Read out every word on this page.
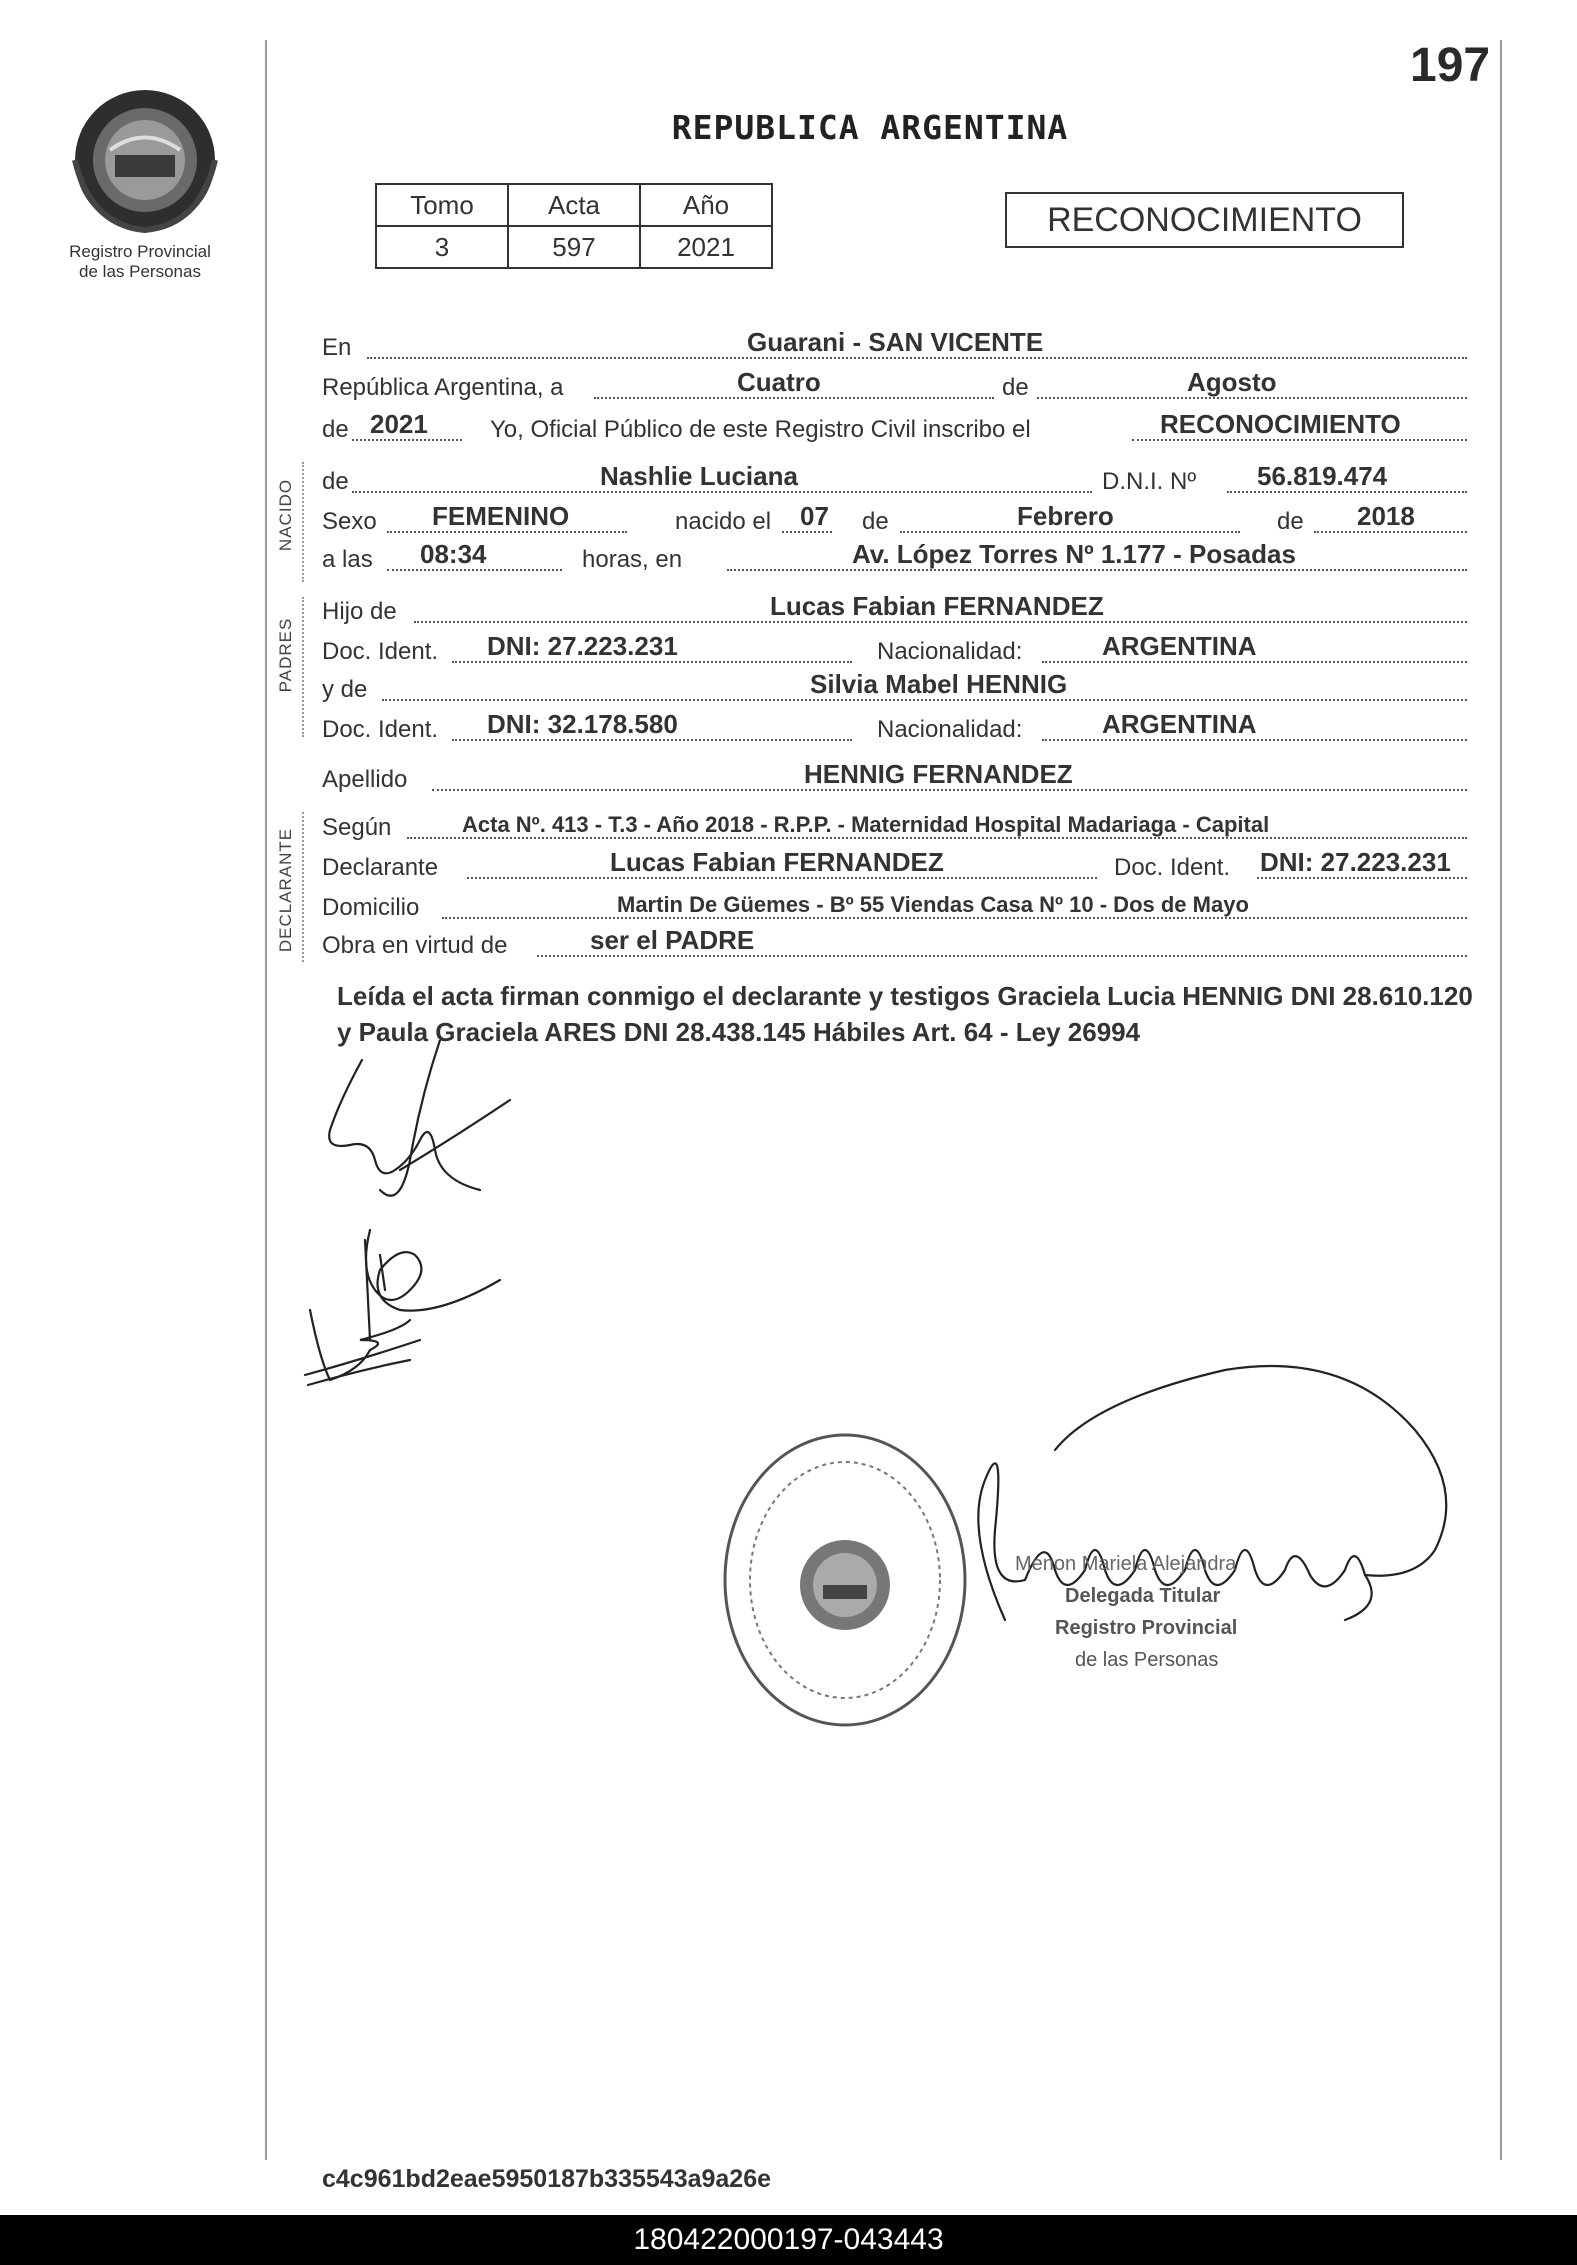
197
Registro Provincial
de las Personas
REPUBLICA ARGENTINA
Tomo	Acta	Año
3	597	2021
RECONOCIMIENTO
En	Guarani - SAN VICENTE
República Argentina, a	Cuatro	de	Agosto
de 2021	Yo, Oficial Público de este Registro Civil inscribo el	RECONOCIMIENTO
NACIDO de	Nashlie Luciana	D.N.I. Nº 56.819.474
Sexo FEMENINO	nacido el 07 de	Febrero	de 2018
a las 08:34	horas, en	Av. López Torres Nº 1.177 - Posadas
PADRES
Hijo de	Lucas Fabian FERNANDEZ
Doc. Ident. DNI: 27.223.231	Nacionalidad:	ARGENTINA
y de	Silvia Mabel HENNIG
Doc. Ident. DNI: 32.178.580	Nacionalidad:	ARGENTINA
Apellido	HENNIG FERNANDEZ
DECLARANTE
Según	Acta Nº. 413 - T.3 - Año 2018 - R.P.P. - Maternidad Hospital Madariaga - Capital
Declarante	Lucas Fabian FERNANDEZ	Doc. Ident. DNI: 27.223.231
Domicilio	Martin De Güemes - Bº 55 Viendas Casa Nº 10 - Dos de Mayo
Obra en virtud de	ser el PADRE
Leída el acta firman conmigo el declarante y testigos Graciela Lucia HENNIG DNI 28.610.120 y Paula Graciela ARES DNI 28.438.145 Hábiles Art. 64 - Ley 26994
Menon Mariela Alejandra
Delegada Titular
Registro Provincial
de las Personas
c4c961bd2eae5950187b335543a9a26e
180422000197-043443
